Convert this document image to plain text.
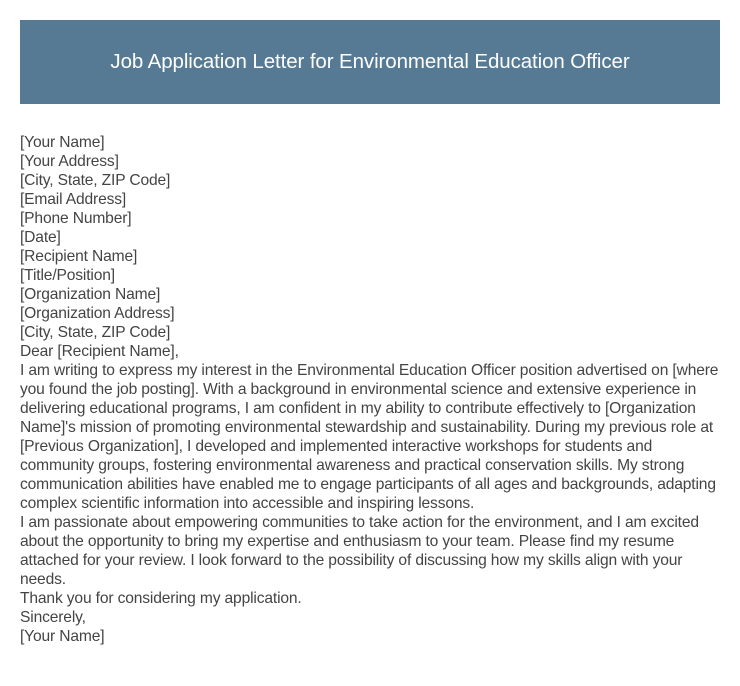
Job Application Letter for Environmental Education Officer

[Your Name]

[Your Address]

[City, State, ZIP Code]

[Email Address]

[Phone Number]

[Date]

[Recipient Name]

[Title/Position]

[Organization Name]

[Organization Address]

[City, State, ZIP Code]

Dear [Recipient Name],

I am writing to express my interest in the Environmental Education Officer position advertised on [where you found the job posting]. With a background in environmental science and extensive experience in delivering educational programs, I am confident in my ability to contribute effectively to [Organization Name]'s mission of promoting environmental stewardship and sustainability. During my previous role at [Previous Organization], I developed and implemented interactive workshops for students and community groups, fostering environmental awareness and practical conservation skills. My strong communication abilities have enabled me to engage participants of all ages and backgrounds, adapting complex scientific information into accessible and inspiring lessons.

I am passionate about empowering communities to take action for the environment, and I am excited about the opportunity to bring my expertise and enthusiasm to your team. Please find my resume attached for your review. I look forward to the possibility of discussing how my skills align with your needs.

Thank you for considering my application.

Sincerely,

[Your Name]
